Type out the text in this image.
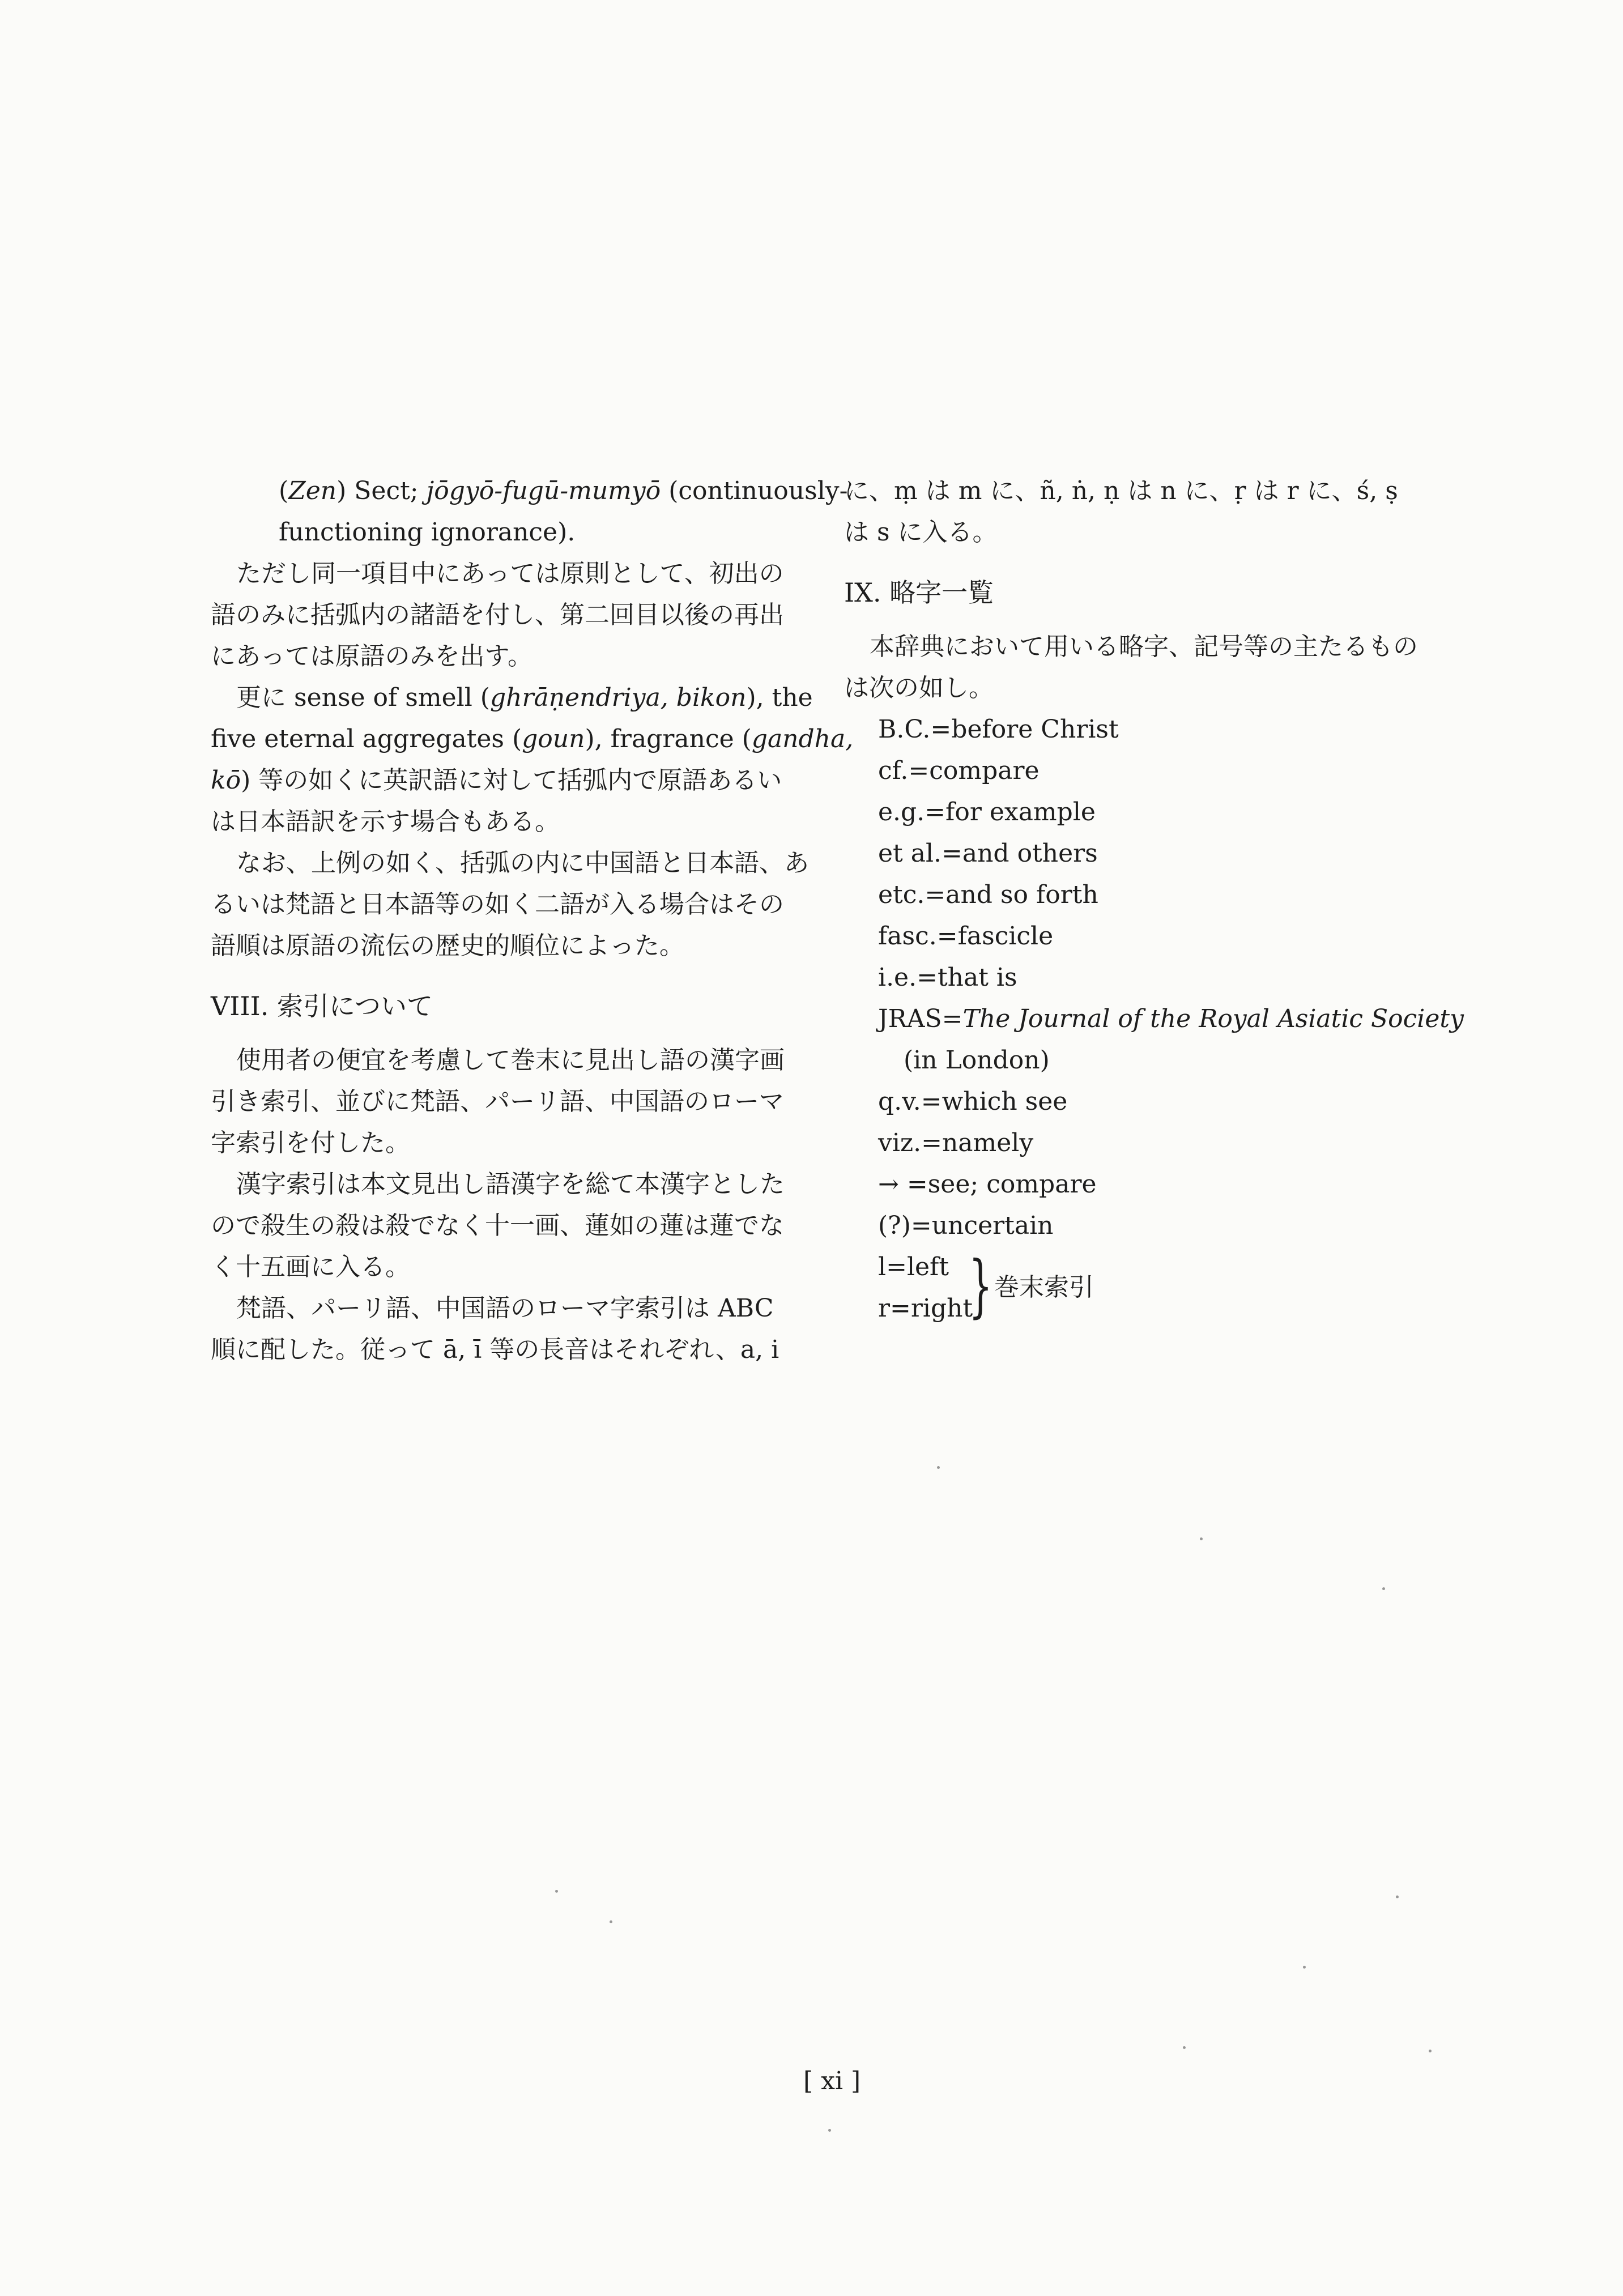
(Zen) Sect; jōgyō-fugū-mumyō (continuously-
functioning ignorance).
ただし同一項目中にあっては原則として、初出の
語のみに括弧内の諸語を付し、第二回目以後の再出
にあっては原語のみを出す。
更に sense of smell (ghrāṇendriya, bikon), the
five eternal aggregates (goun), fragrance (gandha,
kō) 等の如くに英訳語に対して括弧内で原語あるい
は日本語訳を示す場合もある。
なお、上例の如く、括弧の内に中国語と日本語、あ
るいは梵語と日本語等の如く二語が入る場合はその
語順は原語の流伝の歴史的順位によった。
VIII. 索引について
使用者の便宜を考慮して巻末に見出し語の漢字画
引き索引、並びに梵語、パーリ語、中国語のローマ
字索引を付した。
漢字索引は本文見出し語漢字を総て本漢字とした
ので殺生の殺は殺でなく十一画、蓮如の蓮は蓮でな
く十五画に入る。
梵語、パーリ語、中国語のローマ字索引は ABC
順に配した。従って ā, ī 等の長音はそれぞれ、a, i
に、ṃ は m に、ñ, ṅ, ṇ は n に、ṛ は r に、ś, ṣ
は s に入る。
IX. 略字一覧
本辞典において用いる略字、記号等の主たるもの
は次の如し。
B.C.=before Christ
cf.=compare
e.g.=for example
et al.=and others
etc.=and so forth
fasc.=fascicle
i.e.=that is
JRAS=The Journal of the Royal Asiatic Society
(in London)
q.v.=which see
viz.=namely
→ =see; compare
(?)=uncertain
l=left
r=right
} 巻末索引
[ xi ]
